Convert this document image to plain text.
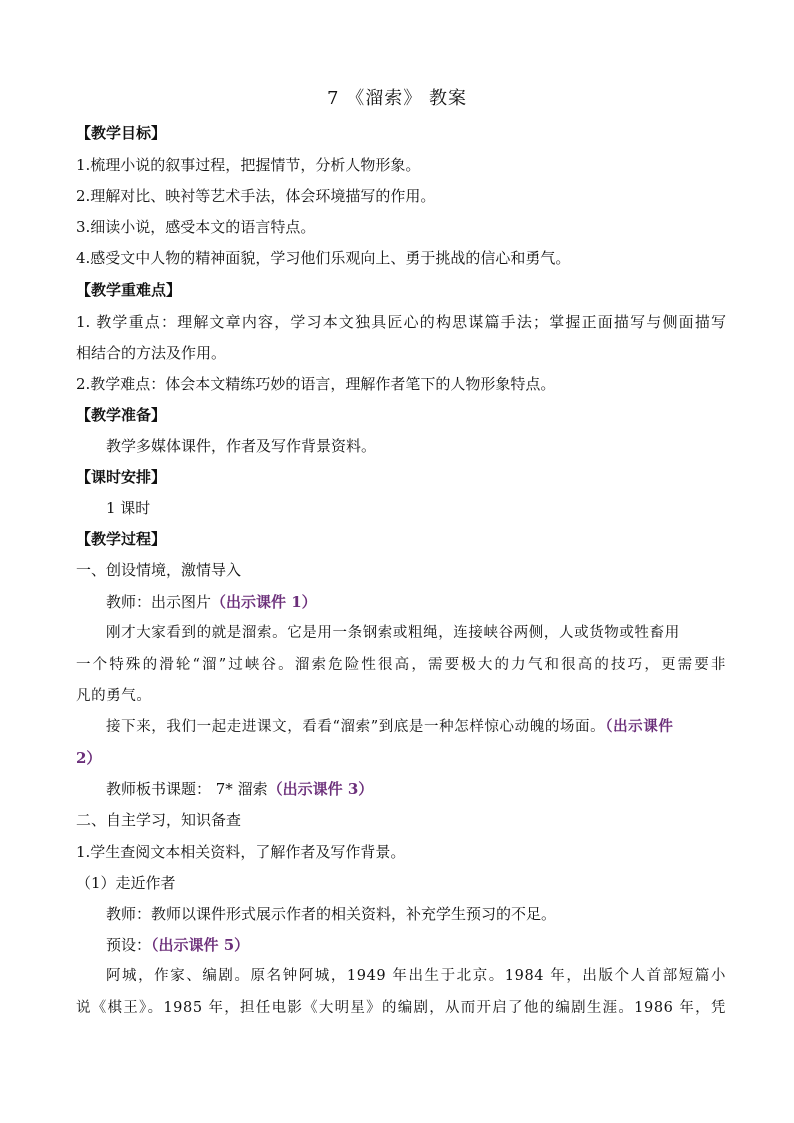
7 《溜索》 教案
【教学目标】
1.梳理小说的叙事过程，把握情节，分析人物形象。
2.理解对比、映衬等艺术手法，体会环境描写的作用。
3.细读小说，感受本文的语言特点。
4.感受文中人物的精神面貌，学习他们乐观向上、勇于挑战的信心和勇气。
【教学重难点】
1. 教学重点：理解文章内容，学习本文独具匠心的构思谋篇手法；掌握正面描写与侧面描写
相结合的方法及作用。
2.教学难点：体会本文精练巧妙的语言，理解作者笔下的人物形象特点。
【教学准备】
教学多媒体课件，作者及写作背景资料。
【课时安排】
1 课时
【教学过程】
一、创设情境，激情导入
教师：出示图片（出示课件 1）
刚才大家看到的就是溜索。它是用一条钢索或粗绳，连接峡谷两侧，人或货物或牲畜用
一个特殊的滑轮“溜”过峡谷。溜索危险性很高，需要极大的力气和很高的技巧，更需要非
凡的勇气。
接下来，我们一起走进课文，看看“溜索”到底是一种怎样惊心动魄的场面。（出示课件
2）
教师板书课题： 7* 溜索（出示课件 3）
二、自主学习，知识备查
1.学生查阅文本相关资料，了解作者及写作背景。
（1）走近作者
教师：教师以课件形式展示作者的相关资料，补充学生预习的不足。
预设：（出示课件 5）
阿城，作家、编剧。原名钟阿城，1949 年出生于北京。1984 年，出版个人首部短篇小
说《棋王》。1985 年，担任电影《大明星》的编剧，从而开启了他的编剧生涯。1986 年，凭
